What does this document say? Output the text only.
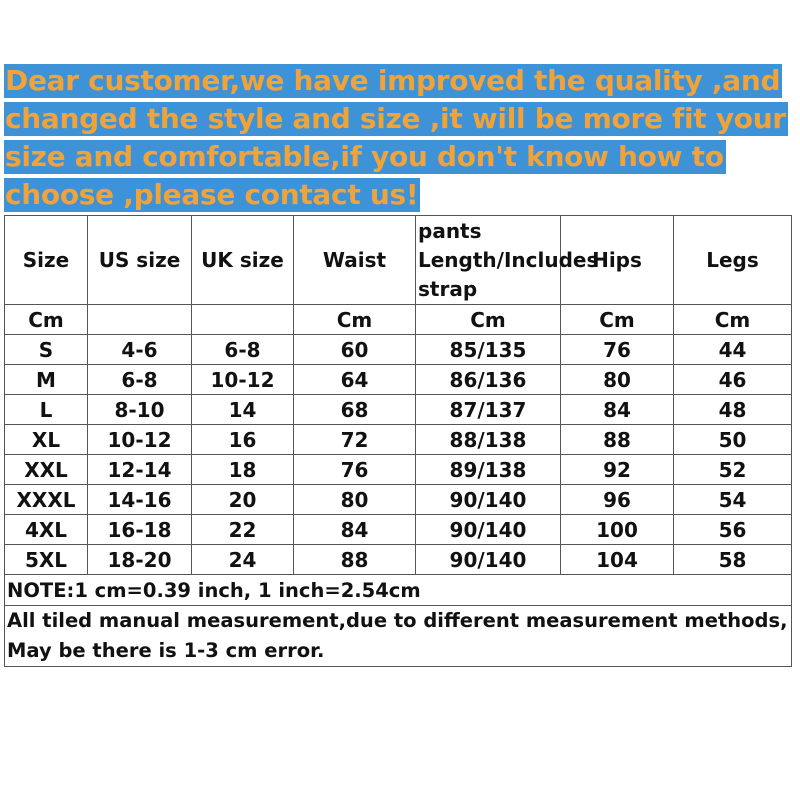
Dear customer,we have improved the quality ,and
changed the style and size ,it will be more fit your
size and comfortable,if you don't know how to
choose ,please contact us!
Size	US size	UK size	Waist	pants Length/Includes strap	Hips	Legs
Cm			Cm	Cm	Cm	Cm
S	4-6	6-8	60	85/135	76	44
M	6-8	10-12	64	86/136	80	46
L	8-10	14	68	87/137	84	48
XL	10-12	16	72	88/138	88	50
XXL	12-14	18	76	89/138	92	52
XXXL	14-16	20	80	90/140	96	54
4XL	16-18	22	84	90/140	100	56
5XL	18-20	24	88	90/140	104	58
NOTE:1 cm=0.39 inch, 1 inch=2.54cm						
All tiled manual measurement,due to different measurement methods, May be there is 1-3 cm error.						
